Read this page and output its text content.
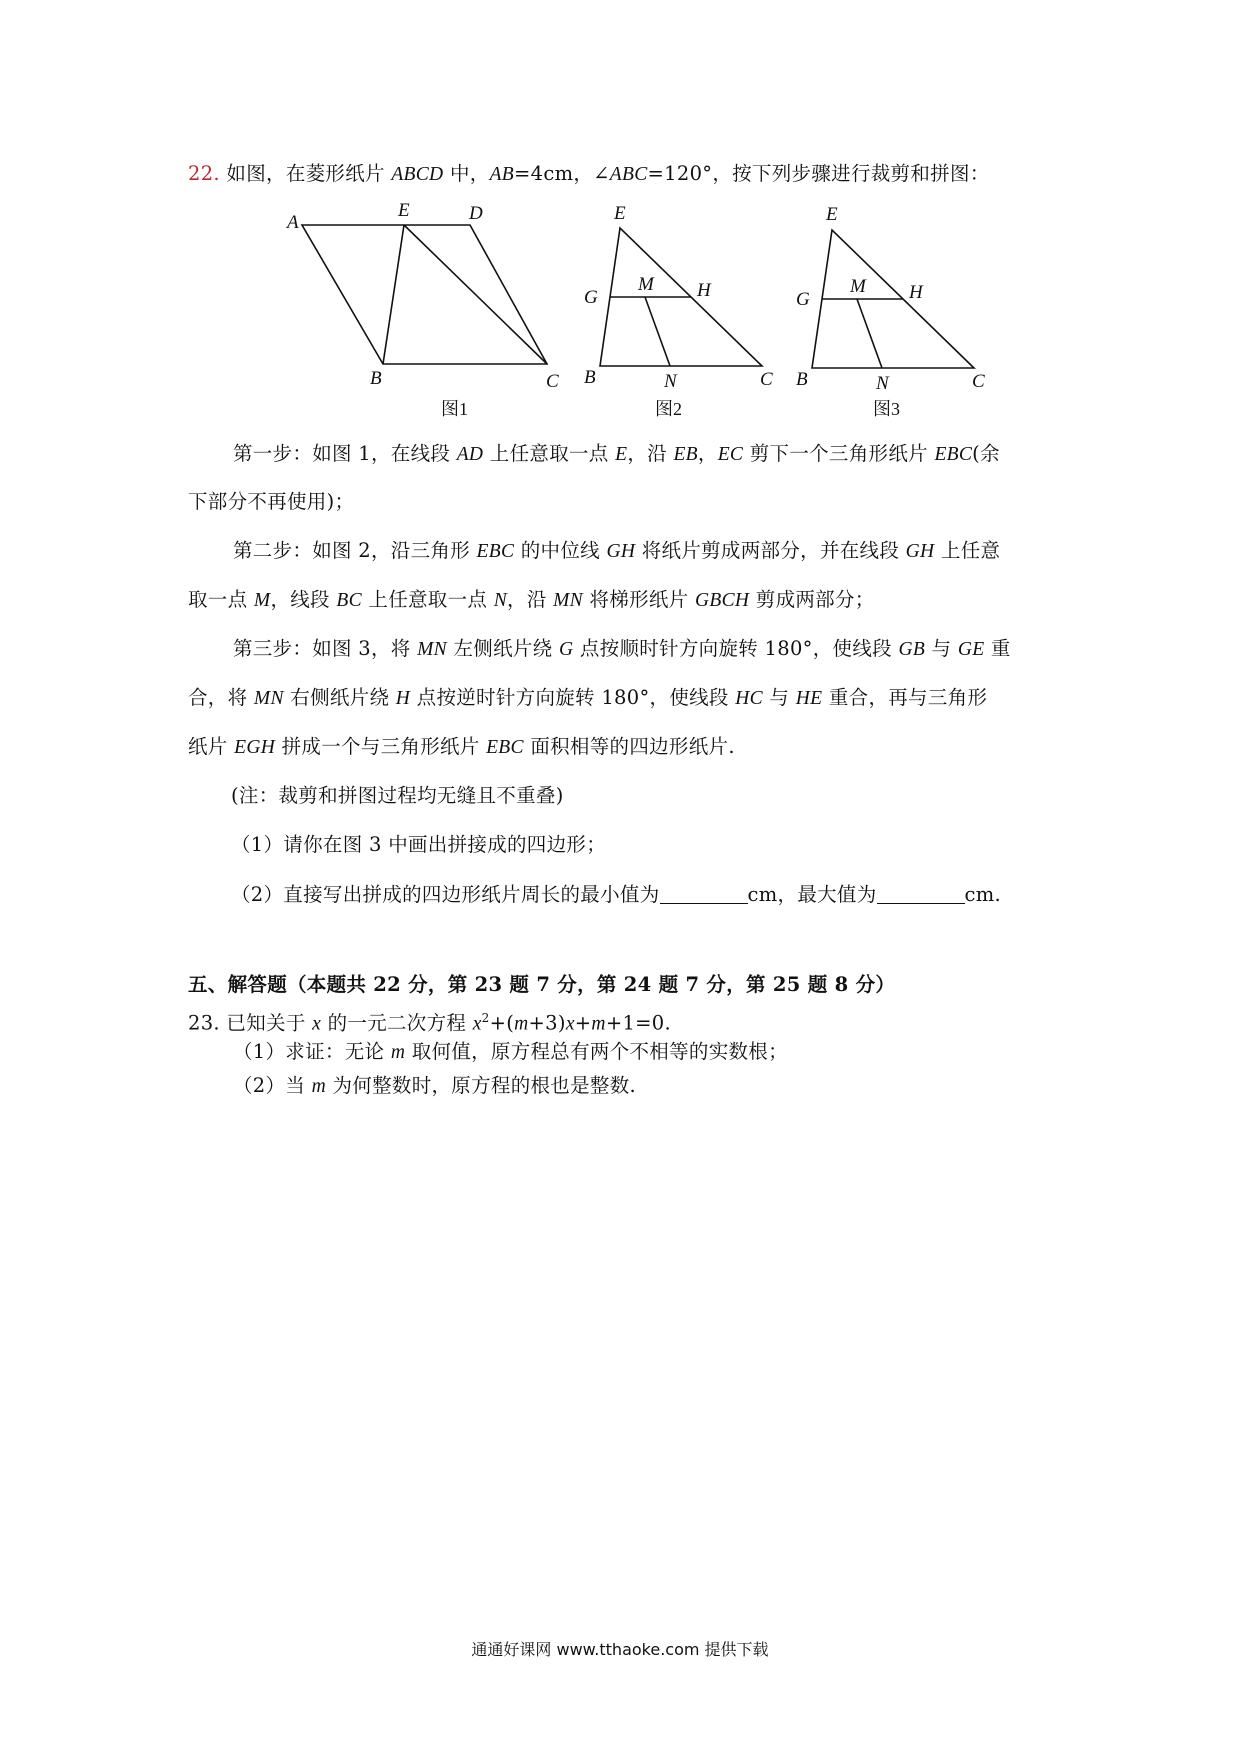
22. 如图，在菱形纸片 ABCD 中，AB=4cm，∠ABC=120°，按下列步骤进行裁剪和拼图：
A
E	D
B	C
E
M
G	H
B	N	C
E
M
G	H
B	N	C
图1	图2	图3
第一步：如图 1，在线段 AD 上任意取一点 E，沿 EB，EC 剪下一个三角形纸片 EBC(余
下部分不再使用)；
第二步：如图 2，沿三角形 EBC 的中位线 GH 将纸片剪成两部分，并在线段 GH 上任意
取一点 M，线段 BC 上任意取一点 N，沿 MN 将梯形纸片 GBCH 剪成两部分；
第三步：如图 3，将 MN 左侧纸片绕 G 点按顺时针方向旋转 180°，使线段 GB 与 GE 重
合，将 MN 右侧纸片绕 H 点按逆时针方向旋转 180°，使线段 HC 与 HE 重合，再与三角形
纸片 EGH 拼成一个与三角形纸片 EBC 面积相等的四边形纸片.
(注：裁剪和拼图过程均无缝且不重叠)
（1）请你在图 3 中画出拼接成的四边形；
（2）直接写出拼成的四边形纸片周长的最小值为	cm，最大值为	cm.
五、解答题（本题共 22 分，第 23 题 7 分，第 24 题 7 分，第 25 题 8 分）
23. 已知关于 x 的一元二次方程 $x^2+(m+3)x+m+1=0$.
（1）求证：无论 m 取何值，原方程总有两个不相等的实数根；
（2）当 m 为何整数时，原方程的根也是整数.
通通好课网 www.tthaoke.com 提供下载
